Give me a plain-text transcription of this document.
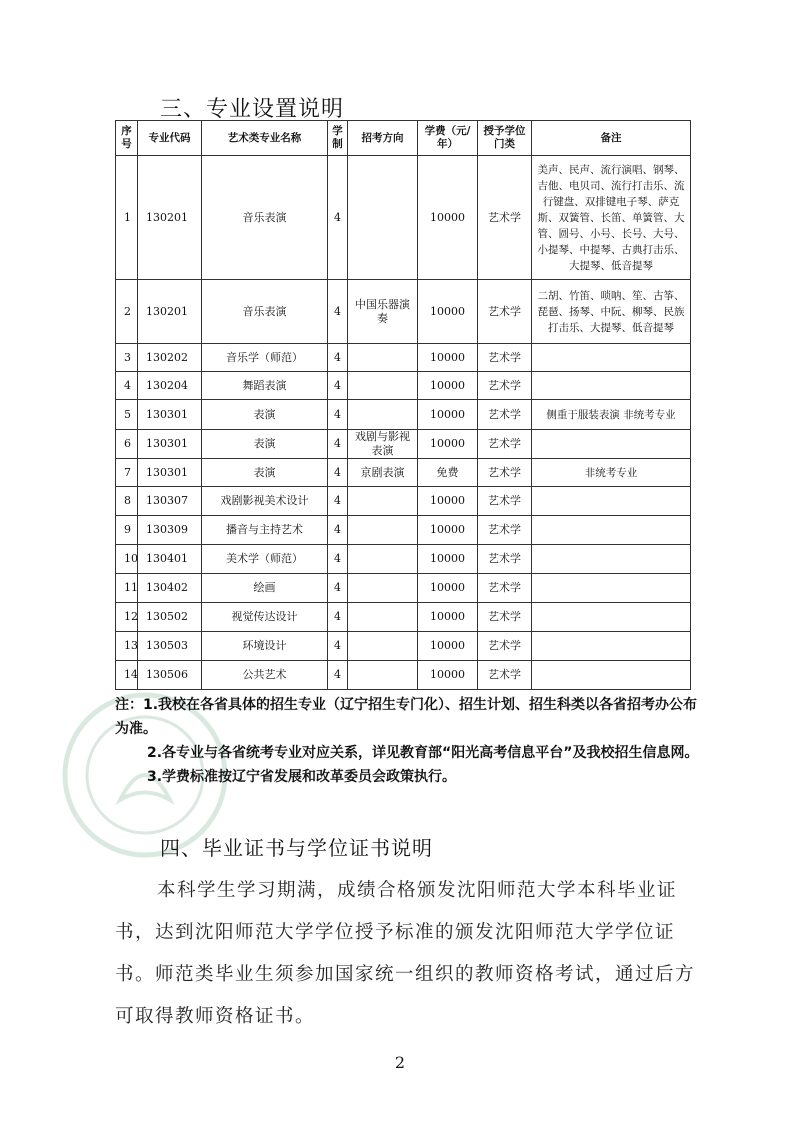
三、专业设置说明
序号	专业代码	艺术类专业名称	学制	招考方向	学费（元/年）	授予学位门类	备注
1	130201	音乐表演	4		10000	艺术学	美声、民声、流行演唱、钢琴、吉他、电贝司、流行打击乐、流行键盘、双排键电子琴、萨克斯、双簧管、长笛、单簧管、大管、圆号、小号、长号、大号、小提琴、中提琴、古典打击乐、大提琴、低音提琴
2	130201	音乐表演	4	中国乐器演奏	10000	艺术学	二胡、竹笛、唢呐、笙、古筝、琵琶、扬琴、中阮、柳琴、民族打击乐、大提琴、低音提琴
3	130202	音乐学（师范）	4		10000	艺术学	
4	130204	舞蹈表演	4		10000	艺术学	
5	130301	表演	4		10000	艺术学	侧重于服装表演 非统考专业
6	130301	表演	4	戏剧与影视表演	10000	艺术学	
7	130301	表演	4	京剧表演	免费	艺术学	非统考专业
8	130307	戏剧影视美术设计	4		10000	艺术学	
9	130309	播音与主持艺术	4		10000	艺术学	
10	130401	美术学（师范）	4		10000	艺术学	
11	130402	绘画	4		10000	艺术学	
12	130502	视觉传达设计	4		10000	艺术学	
13	130503	环境设计	4		10000	艺术学	
14	130506	公共艺术	4		10000	艺术学	

注：1.我校在各省具体的招生专业（辽宁招生专门化）、招生计划、招生科类以各省招考办公布为准。

2.各专业与各省统考专业对应关系，详见教育部“阳光高考信息平台”及我校招生信息网。

3.学费标准按辽宁省发展和改革委员会政策执行。

四、毕业证书与学位证书说明

本科学生学习期满，成绩合格颁发沈阳师范大学本科毕业证书，达到沈阳师范大学学位授予标准的颁发沈阳师范大学学位证书。师范类毕业生须参加国家统一组织的教师资格考试，通过后方可取得教师资格证书。

2
